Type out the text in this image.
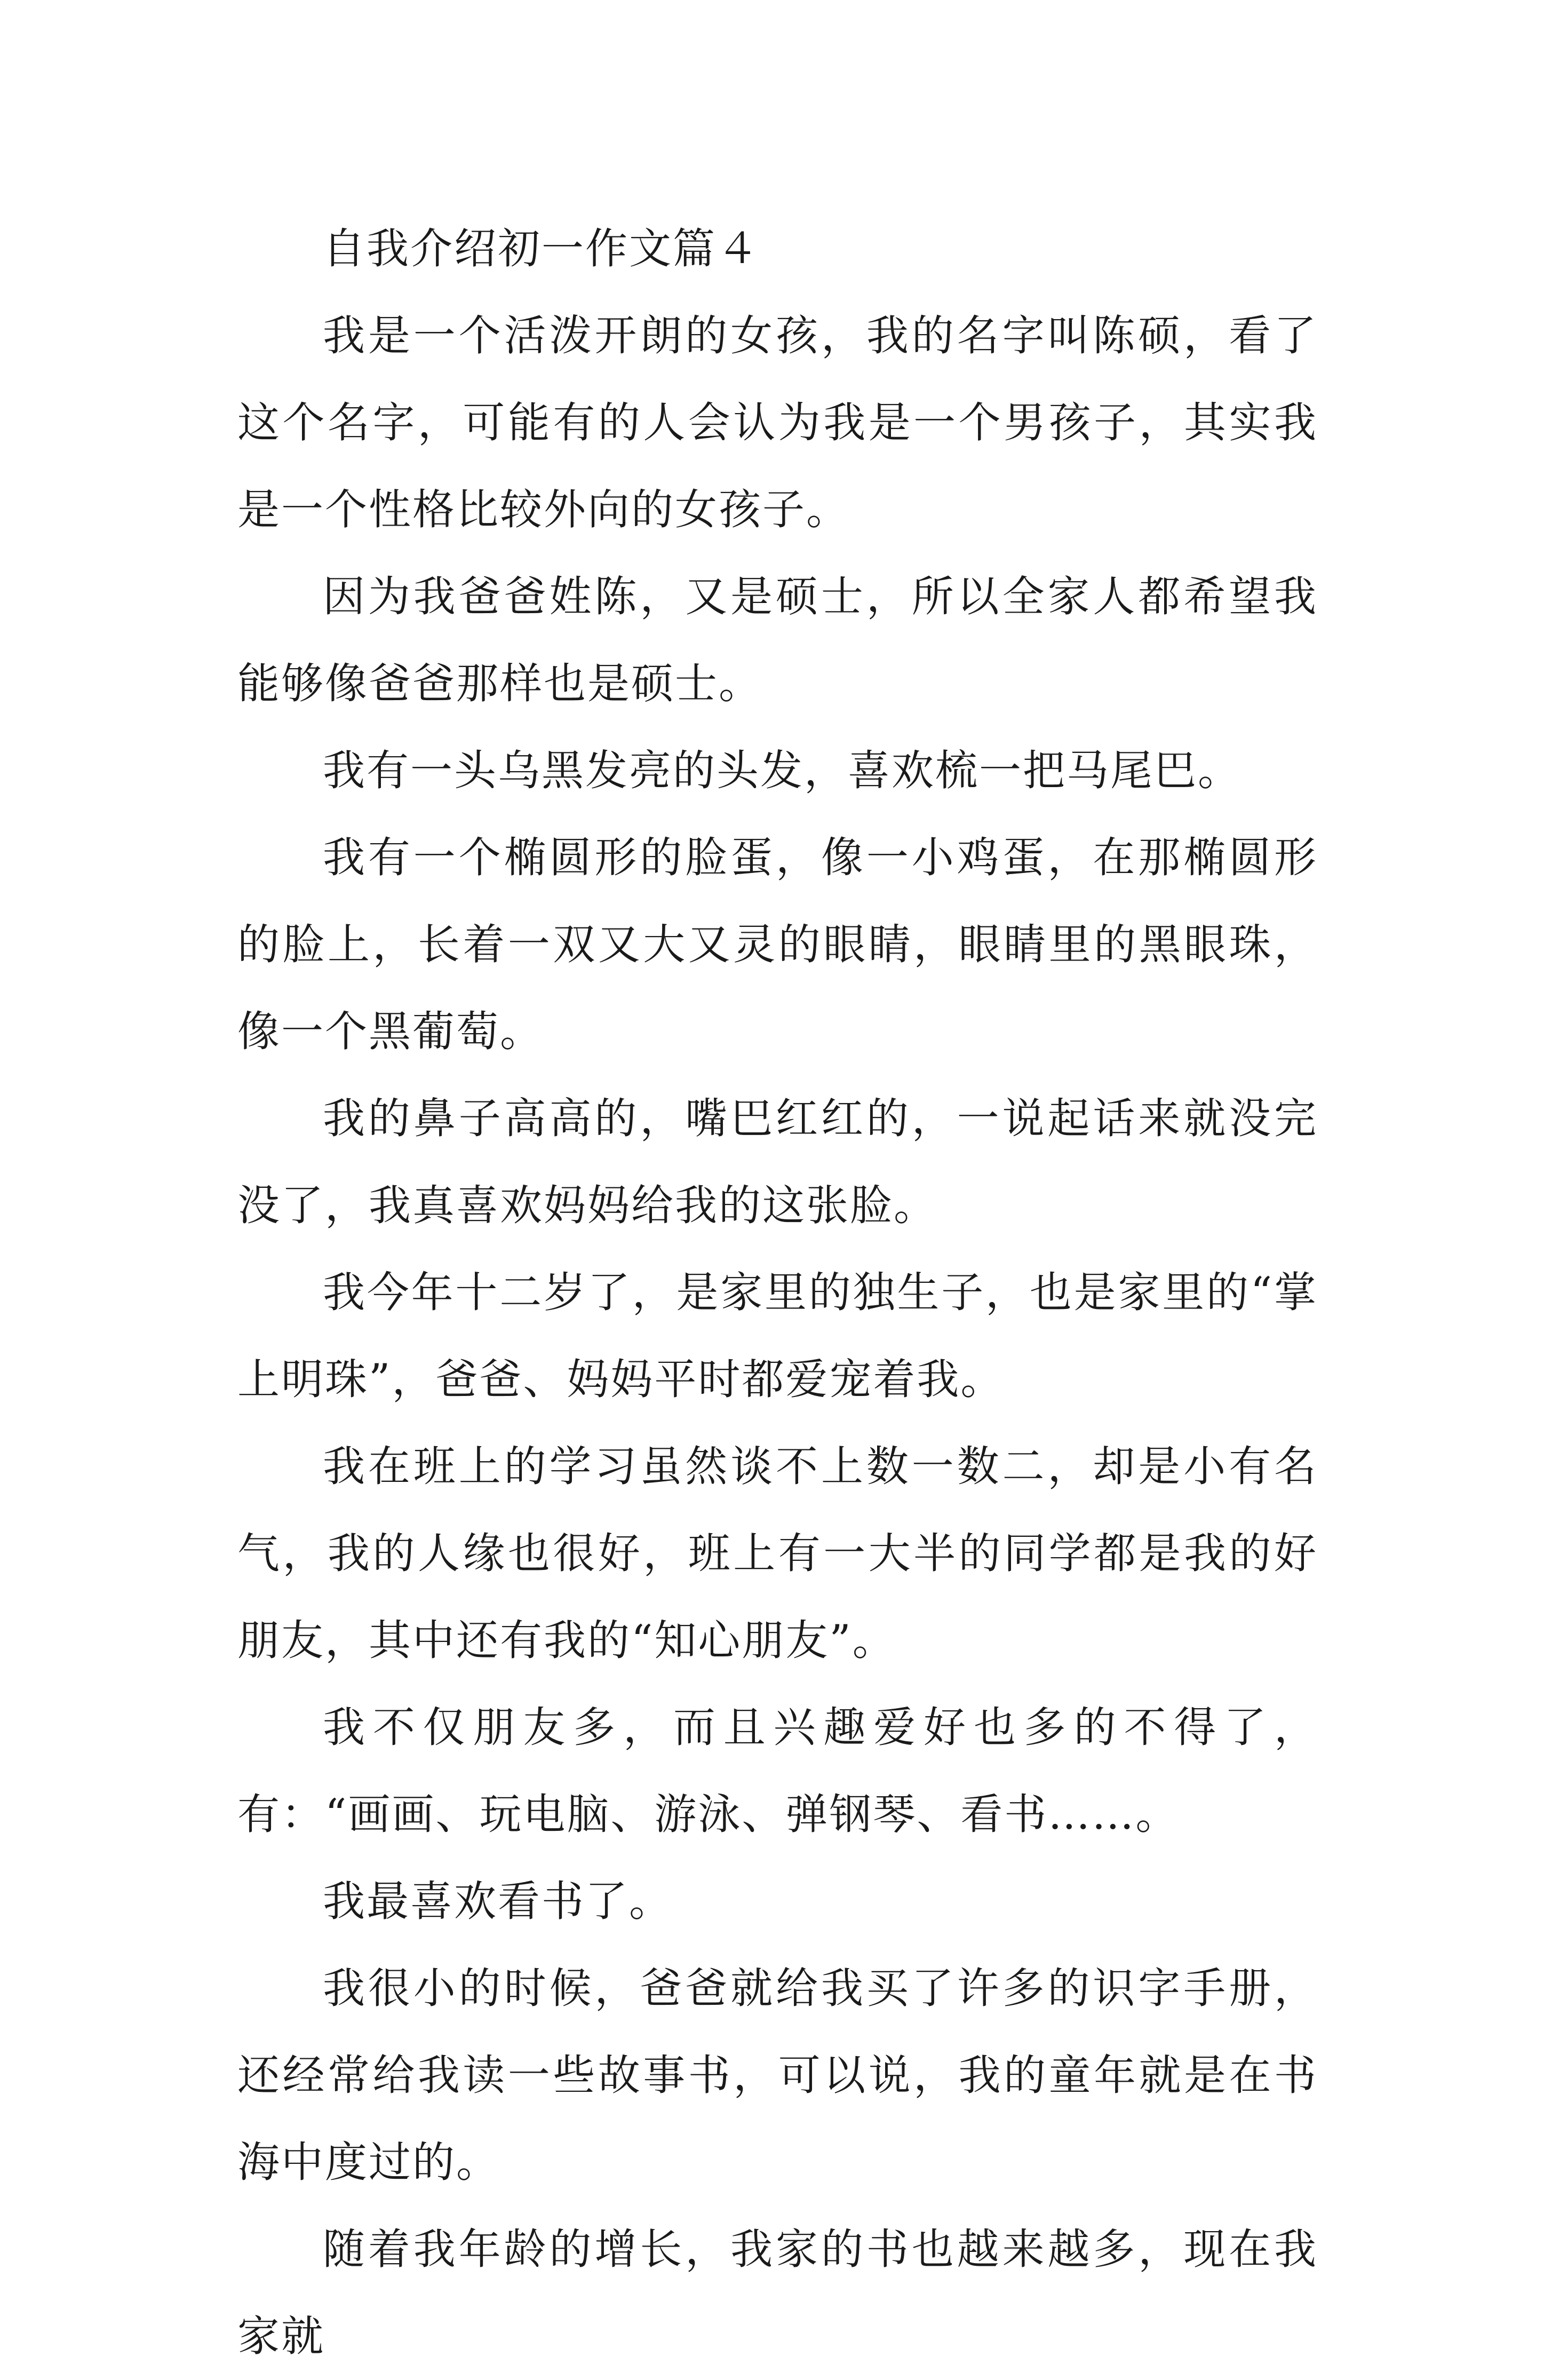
自我介绍初一作文篇４

我是一个活泼开朗的女孩，我的名字叫陈硕，看了这个名字，可能有的人会认为我是一个男孩子，其实我是一个性格比较外向的女孩子。

因为我爸爸姓陈，又是硕士，所以全家人都希望我能够像爸爸那样也是硕士。

我有一头乌黑发亮的头发，喜欢梳一把马尾巴。

我有一个椭圆形的脸蛋，像一小鸡蛋，在那椭圆形的脸上，长着一双又大又灵的眼睛，眼睛里的黑眼珠，像一个黑葡萄。

我的鼻子高高的，嘴巴红红的，一说起话来就没完没了，我真喜欢妈妈给我的这张脸。

我今年十二岁了，是家里的独生子，也是家里的“掌上明珠”，爸爸、妈妈平时都爱宠着我。

我在班上的学习虽然谈不上数一数二，却是小有名气，我的人缘也很好，班上有一大半的同学都是我的好朋友，其中还有我的“知心朋友”。

我不仅朋友多，而且兴趣爱好也多的不得了，有：“画画、玩电脑、游泳、弹钢琴、看书……。

我最喜欢看书了。

我很小的时候，爸爸就给我买了许多的识字手册，还经常给我读一些故事书，可以说，我的童年就是在书海中度过的。

随着我年龄的增长，我家的书也越来越多，现在我家就
